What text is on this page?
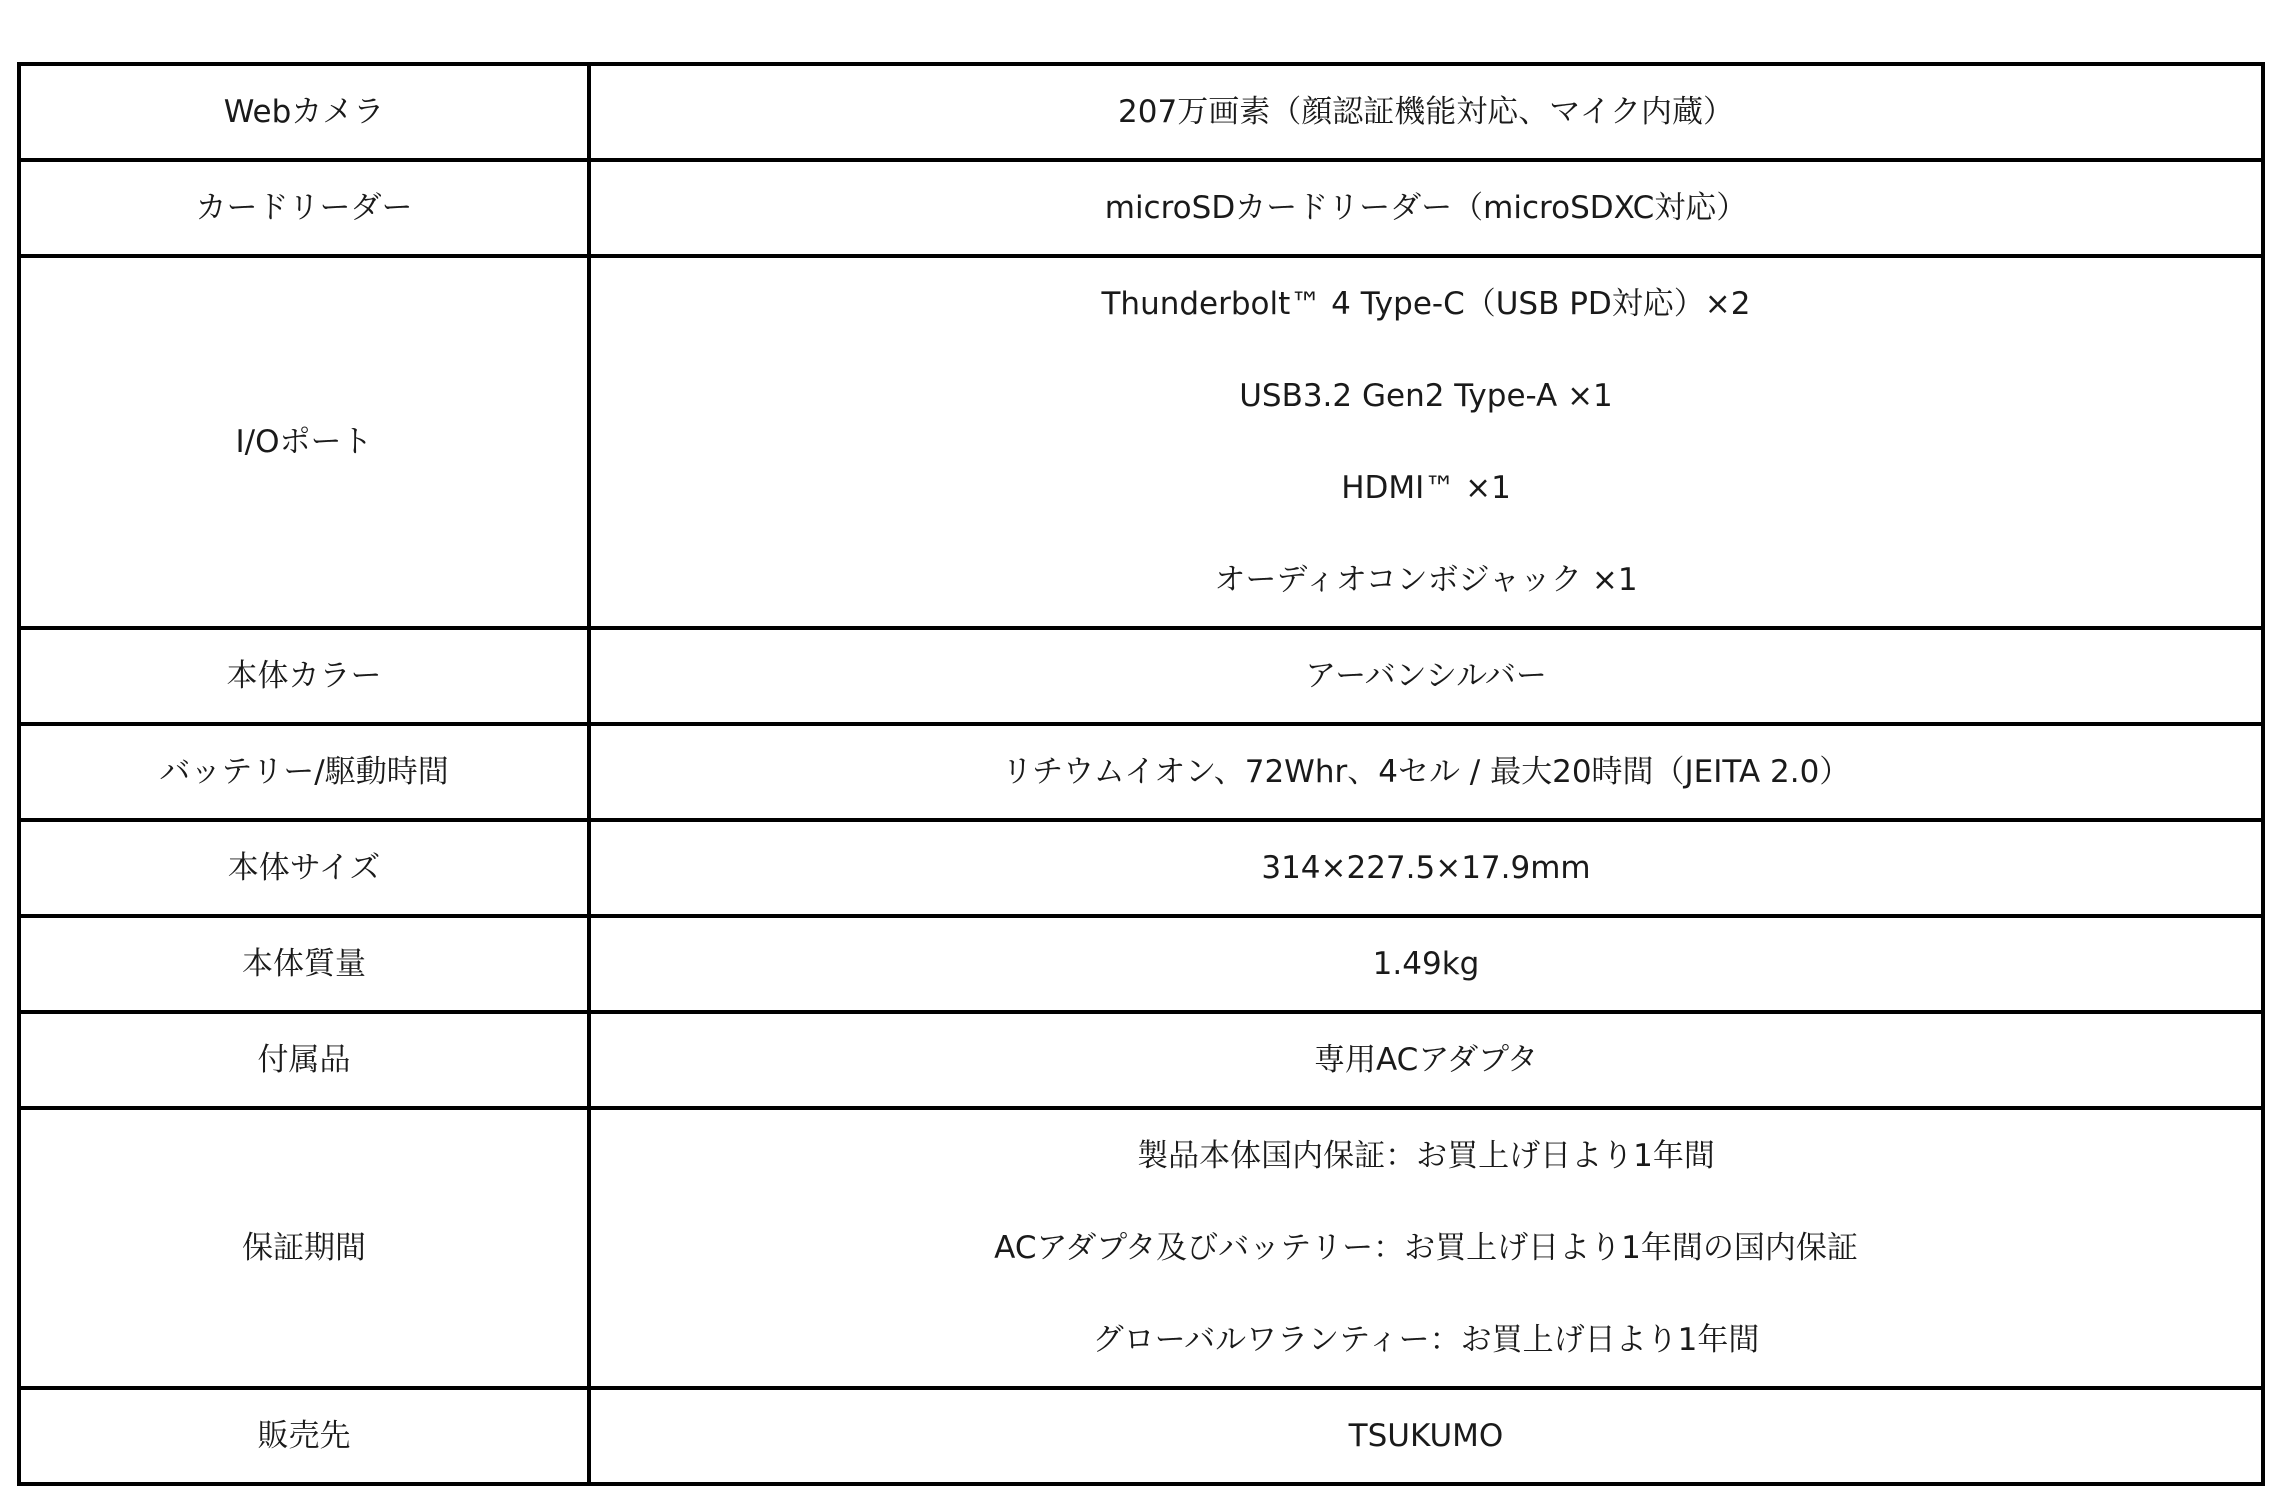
Webカメラ	207万画素（顔認証機能対応、マイク内蔵）

カードリーダー	microSDカードリーダー（microSDXC対応）

I/Oポート	Thunderbolt™ 4 Type-C（USB PD対応）×2
USB3.2 Gen2 Type-A ×1
HDMI™ ×1
オーディオコンボジャック ×1

本体カラー	アーバンシルバー

バッテリー/駆動時間	リチウムイオン、72Whr、4セル / 最大20時間（JEITA 2.0）

本体サイズ	314×227.5×17.9mm

本体質量	1.49kg

付属品	専用ACアダプタ

保証期間	製品本体国内保証：お買上げ日より1年間
ACアダプタ及びバッテリー：お買上げ日より1年間の国内保証
グローバルワランティー：お買上げ日より1年間

販売先	TSUKUMO
